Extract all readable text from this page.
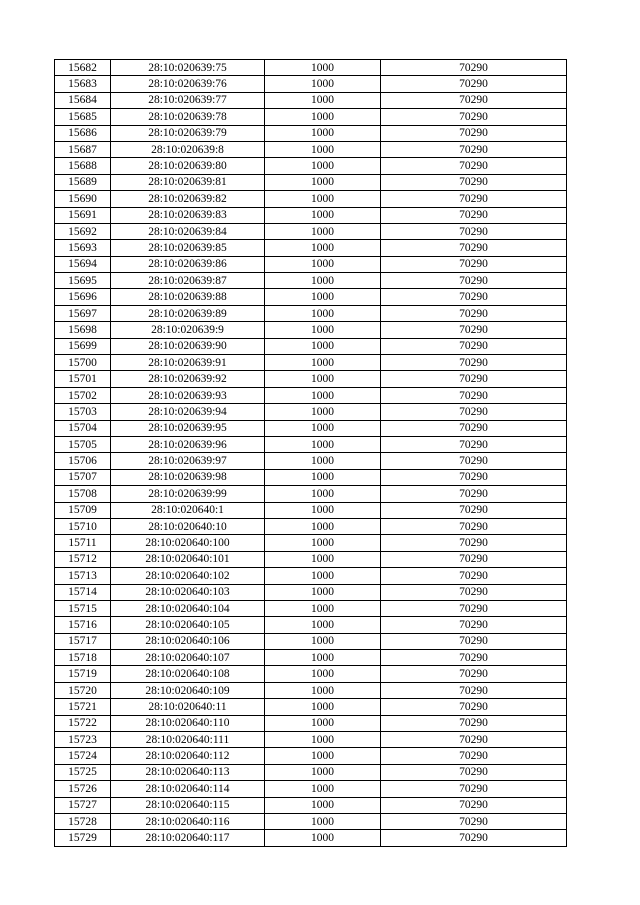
15682	28:10:020639:75	1000	70290
15683	28:10:020639:76	1000	70290
15684	28:10:020639:77	1000	70290
15685	28:10:020639:78	1000	70290
15686	28:10:020639:79	1000	70290
15687	28:10:020639:8	1000	70290
15688	28:10:020639:80	1000	70290
15689	28:10:020639:81	1000	70290
15690	28:10:020639:82	1000	70290
15691	28:10:020639:83	1000	70290
15692	28:10:020639:84	1000	70290
15693	28:10:020639:85	1000	70290
15694	28:10:020639:86	1000	70290
15695	28:10:020639:87	1000	70290
15696	28:10:020639:88	1000	70290
15697	28:10:020639:89	1000	70290
15698	28:10:020639:9	1000	70290
15699	28:10:020639:90	1000	70290
15700	28:10:020639:91	1000	70290
15701	28:10:020639:92	1000	70290
15702	28:10:020639:93	1000	70290
15703	28:10:020639:94	1000	70290
15704	28:10:020639:95	1000	70290
15705	28:10:020639:96	1000	70290
15706	28:10:020639:97	1000	70290
15707	28:10:020639:98	1000	70290
15708	28:10:020639:99	1000	70290
15709	28:10:020640:1	1000	70290
15710	28:10:020640:10	1000	70290
15711	28:10:020640:100	1000	70290
15712	28:10:020640:101	1000	70290
15713	28:10:020640:102	1000	70290
15714	28:10:020640:103	1000	70290
15715	28:10:020640:104	1000	70290
15716	28:10:020640:105	1000	70290
15717	28:10:020640:106	1000	70290
15718	28:10:020640:107	1000	70290
15719	28:10:020640:108	1000	70290
15720	28:10:020640:109	1000	70290
15721	28:10:020640:11	1000	70290
15722	28:10:020640:110	1000	70290
15723	28:10:020640:111	1000	70290
15724	28:10:020640:112	1000	70290
15725	28:10:020640:113	1000	70290
15726	28:10:020640:114	1000	70290
15727	28:10:020640:115	1000	70290
15728	28:10:020640:116	1000	70290
15729	28:10:020640:117	1000	70290
